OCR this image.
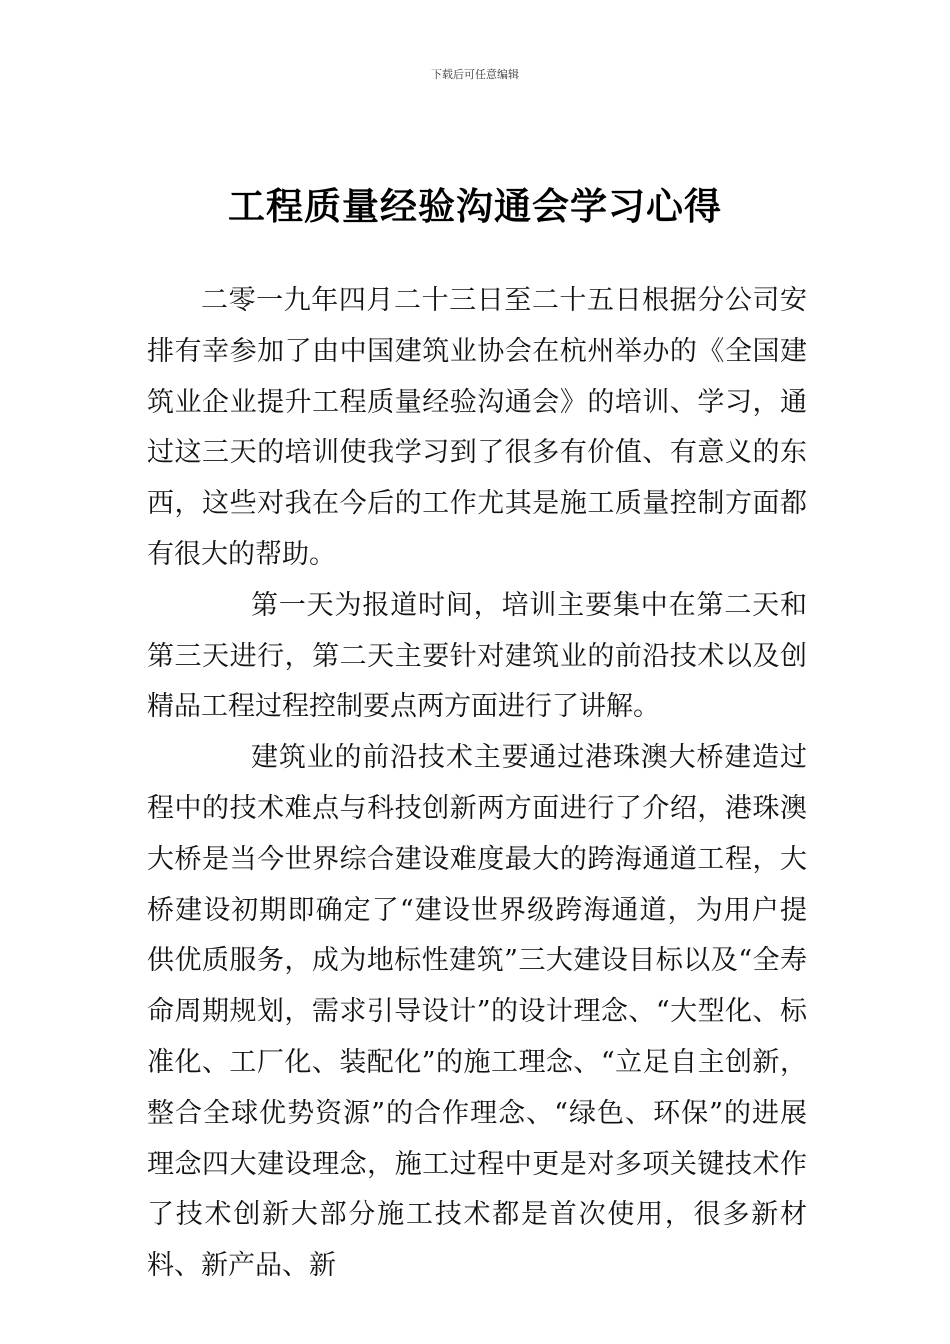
下载后可任意编辑
工程质量经验沟通会学习心得

二零一九年四月二十三日至二十五日根据分公司安排有幸参加了由中国建筑业协会在杭州举办的《全国建筑业企业提升工程质量经验沟通会》的培训、学习，通过这三天的培训使我学习到了很多有价值、有意义的东西，这些对我在今后的工作尤其是施工质量控制方面都有很大的帮助。

第一天为报道时间，培训主要集中在第二天和第三天进行，第二天主要针对建筑业的前沿技术以及创精品工程过程控制要点两方面进行了讲解。

建筑业的前沿技术主要通过港珠澳大桥建造过程中的技术难点与科技创新两方面进行了介绍，港珠澳大桥是当今世界综合建设难度最大的跨海通道工程，大桥建设初期即确定了“建设世界级跨海通道，为用户提供优质服务，成为地标性建筑”三大建设目标以及“全寿命周期规划，需求引导设计”的设计理念、“大型化、标准化、工厂化、装配化”的施工理念、“立足自主创新，整合全球优势资源”的合作理念、“绿色、环保”的进展理念四大建设理念，施工过程中更是对多项关键技术作了技术创新大部分施工技术都是首次使用，很多新材料、新产品、新
